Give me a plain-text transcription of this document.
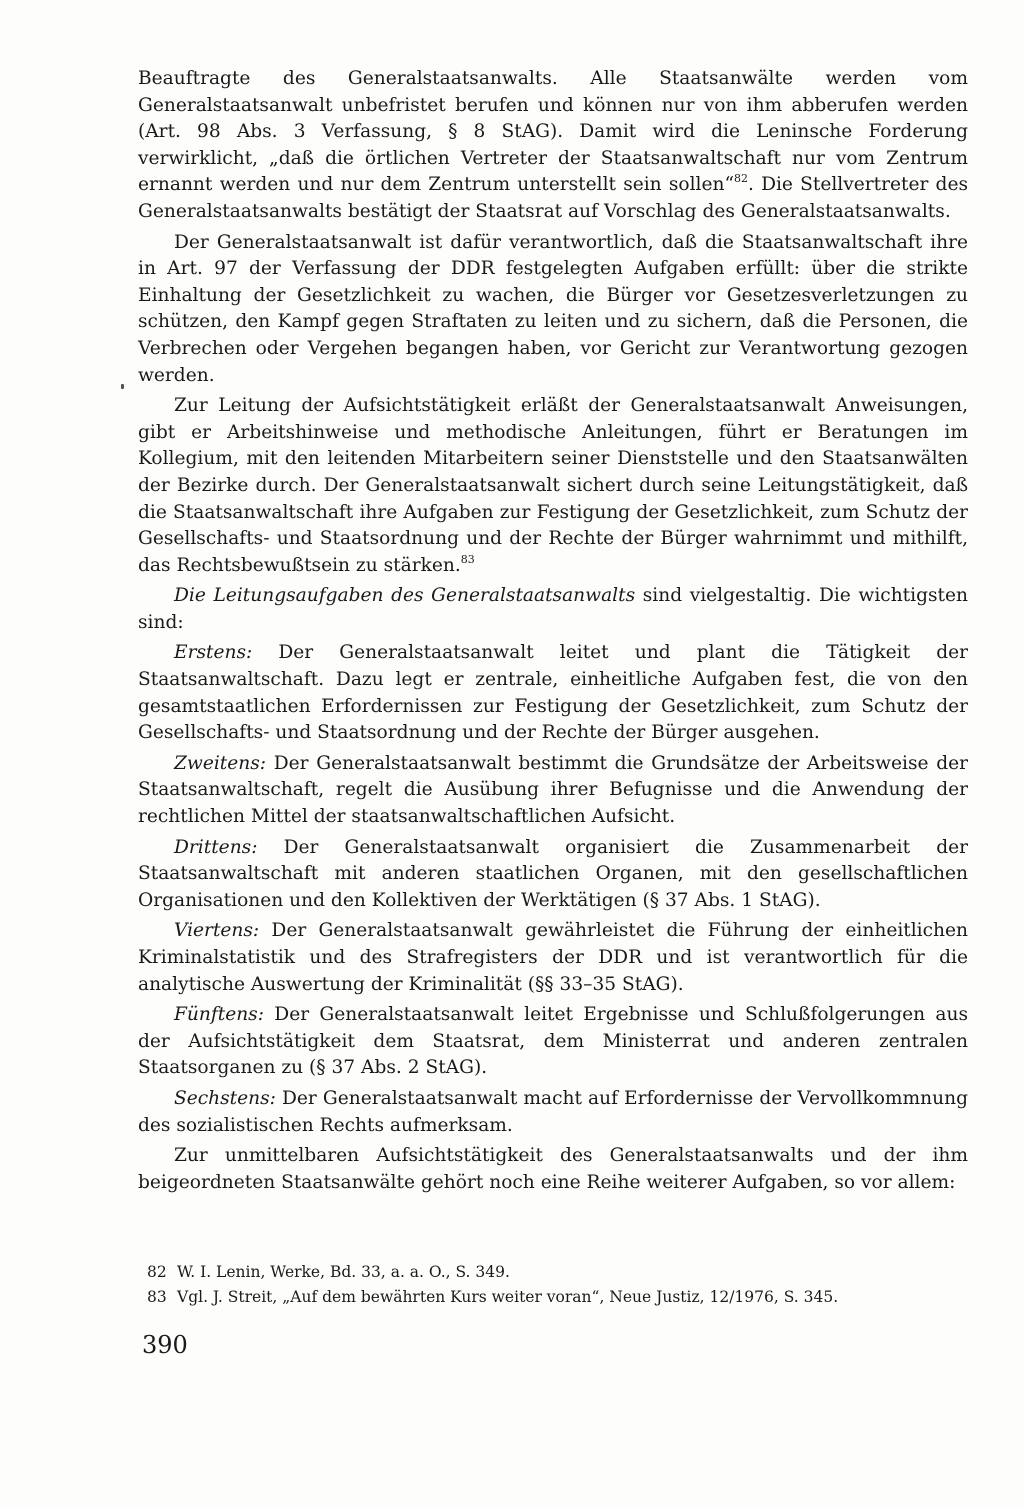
Beauftragte des Generalstaatsanwalts. Alle Staatsanwälte werden vom Generalstaatsanwalt unbefristet berufen und können nur von ihm abberufen werden (Art. 98 Abs. 3 Verfassung, § 8 StAG). Damit wird die Leninsche Forderung verwirklicht, „daß die örtlichen Vertreter der Staatsanwaltschaft nur vom Zentrum ernannt werden und nur dem Zentrum unterstellt sein sollen“$^{82}$. Die Stellvertreter des Generalstaatsanwalts bestätigt der Staatsrat auf Vorschlag des Generalstaatsanwalts.

Der Generalstaatsanwalt ist dafür verantwortlich, daß die Staatsanwaltschaft ihre in Art. 97 der Verfassung der DDR festgelegten Aufgaben erfüllt: über die strikte Einhaltung der Gesetzlichkeit zu wachen, die Bürger vor Gesetzesverletzungen zu schützen, den Kampf gegen Straftaten zu leiten und zu sichern, daß die Personen, die Verbrechen oder Vergehen begangen haben, vor Gericht zur Verantwortung gezogen werden.

Zur Leitung der Aufsichtstätigkeit erläßt der Generalstaatsanwalt Anweisungen, gibt er Arbeitshinweise und methodische Anleitungen, führt er Beratungen im Kollegium, mit den leitenden Mitarbeitern seiner Dienststelle und den Staatsanwälten der Bezirke durch. Der Generalstaatsanwalt sichert durch seine Leitungstätigkeit, daß die Staatsanwaltschaft ihre Aufgaben zur Festigung der Gesetzlichkeit, zum Schutz der Gesellschafts- und Staatsordnung und der Rechte der Bürger wahrnimmt und mithilft, das Rechtsbewußtsein zu stärken.$^{83}$

Die Leitungsaufgaben des Generalstaatsanwalts sind vielgestaltig. Die wichtigsten sind:

Erstens: Der Generalstaatsanwalt leitet und plant die Tätigkeit der Staatsanwaltschaft. Dazu legt er zentrale, einheitliche Aufgaben fest, die von den gesamtstaatlichen Erfordernissen zur Festigung der Gesetzlichkeit, zum Schutz der Gesellschafts- und Staatsordnung und der Rechte der Bürger ausgehen.

Zweitens: Der Generalstaatsanwalt bestimmt die Grundsätze der Arbeitsweise der Staatsanwaltschaft, regelt die Ausübung ihrer Befugnisse und die Anwendung der rechtlichen Mittel der staatsanwaltschaftlichen Aufsicht.

Drittens: Der Generalstaatsanwalt organisiert die Zusammenarbeit der Staatsanwaltschaft mit anderen staatlichen Organen, mit den gesellschaftlichen Organisationen und den Kollektiven der Werktätigen (§ 37 Abs. 1 StAG).

Viertens: Der Generalstaatsanwalt gewährleistet die Führung der einheitlichen Kriminalstatistik und des Strafregisters der DDR und ist verantwortlich für die analytische Auswertung der Kriminalität (§§ 33–35 StAG).

Fünftens: Der Generalstaatsanwalt leitet Ergebnisse und Schlußfolgerungen aus der Aufsichtstätigkeit dem Staatsrat, dem Ministerrat und anderen zentralen Staatsorganen zu (§ 37 Abs. 2 StAG).

Sechstens: Der Generalstaatsanwalt macht auf Erfordernisse der Vervollkommnung des sozialistischen Rechts aufmerksam.

Zur unmittelbaren Aufsichtstätigkeit des Generalstaatsanwalts und der ihm beigeordneten Staatsanwälte gehört noch eine Reihe weiterer Aufgaben, so vor allem:

82 W. I. Lenin, Werke, Bd. 33, a. a. O., S. 349.

83 Vgl. J. Streit, „Auf dem bewährten Kurs weiter voran“, Neue Justiz, 12/1976, S. 345.

390
